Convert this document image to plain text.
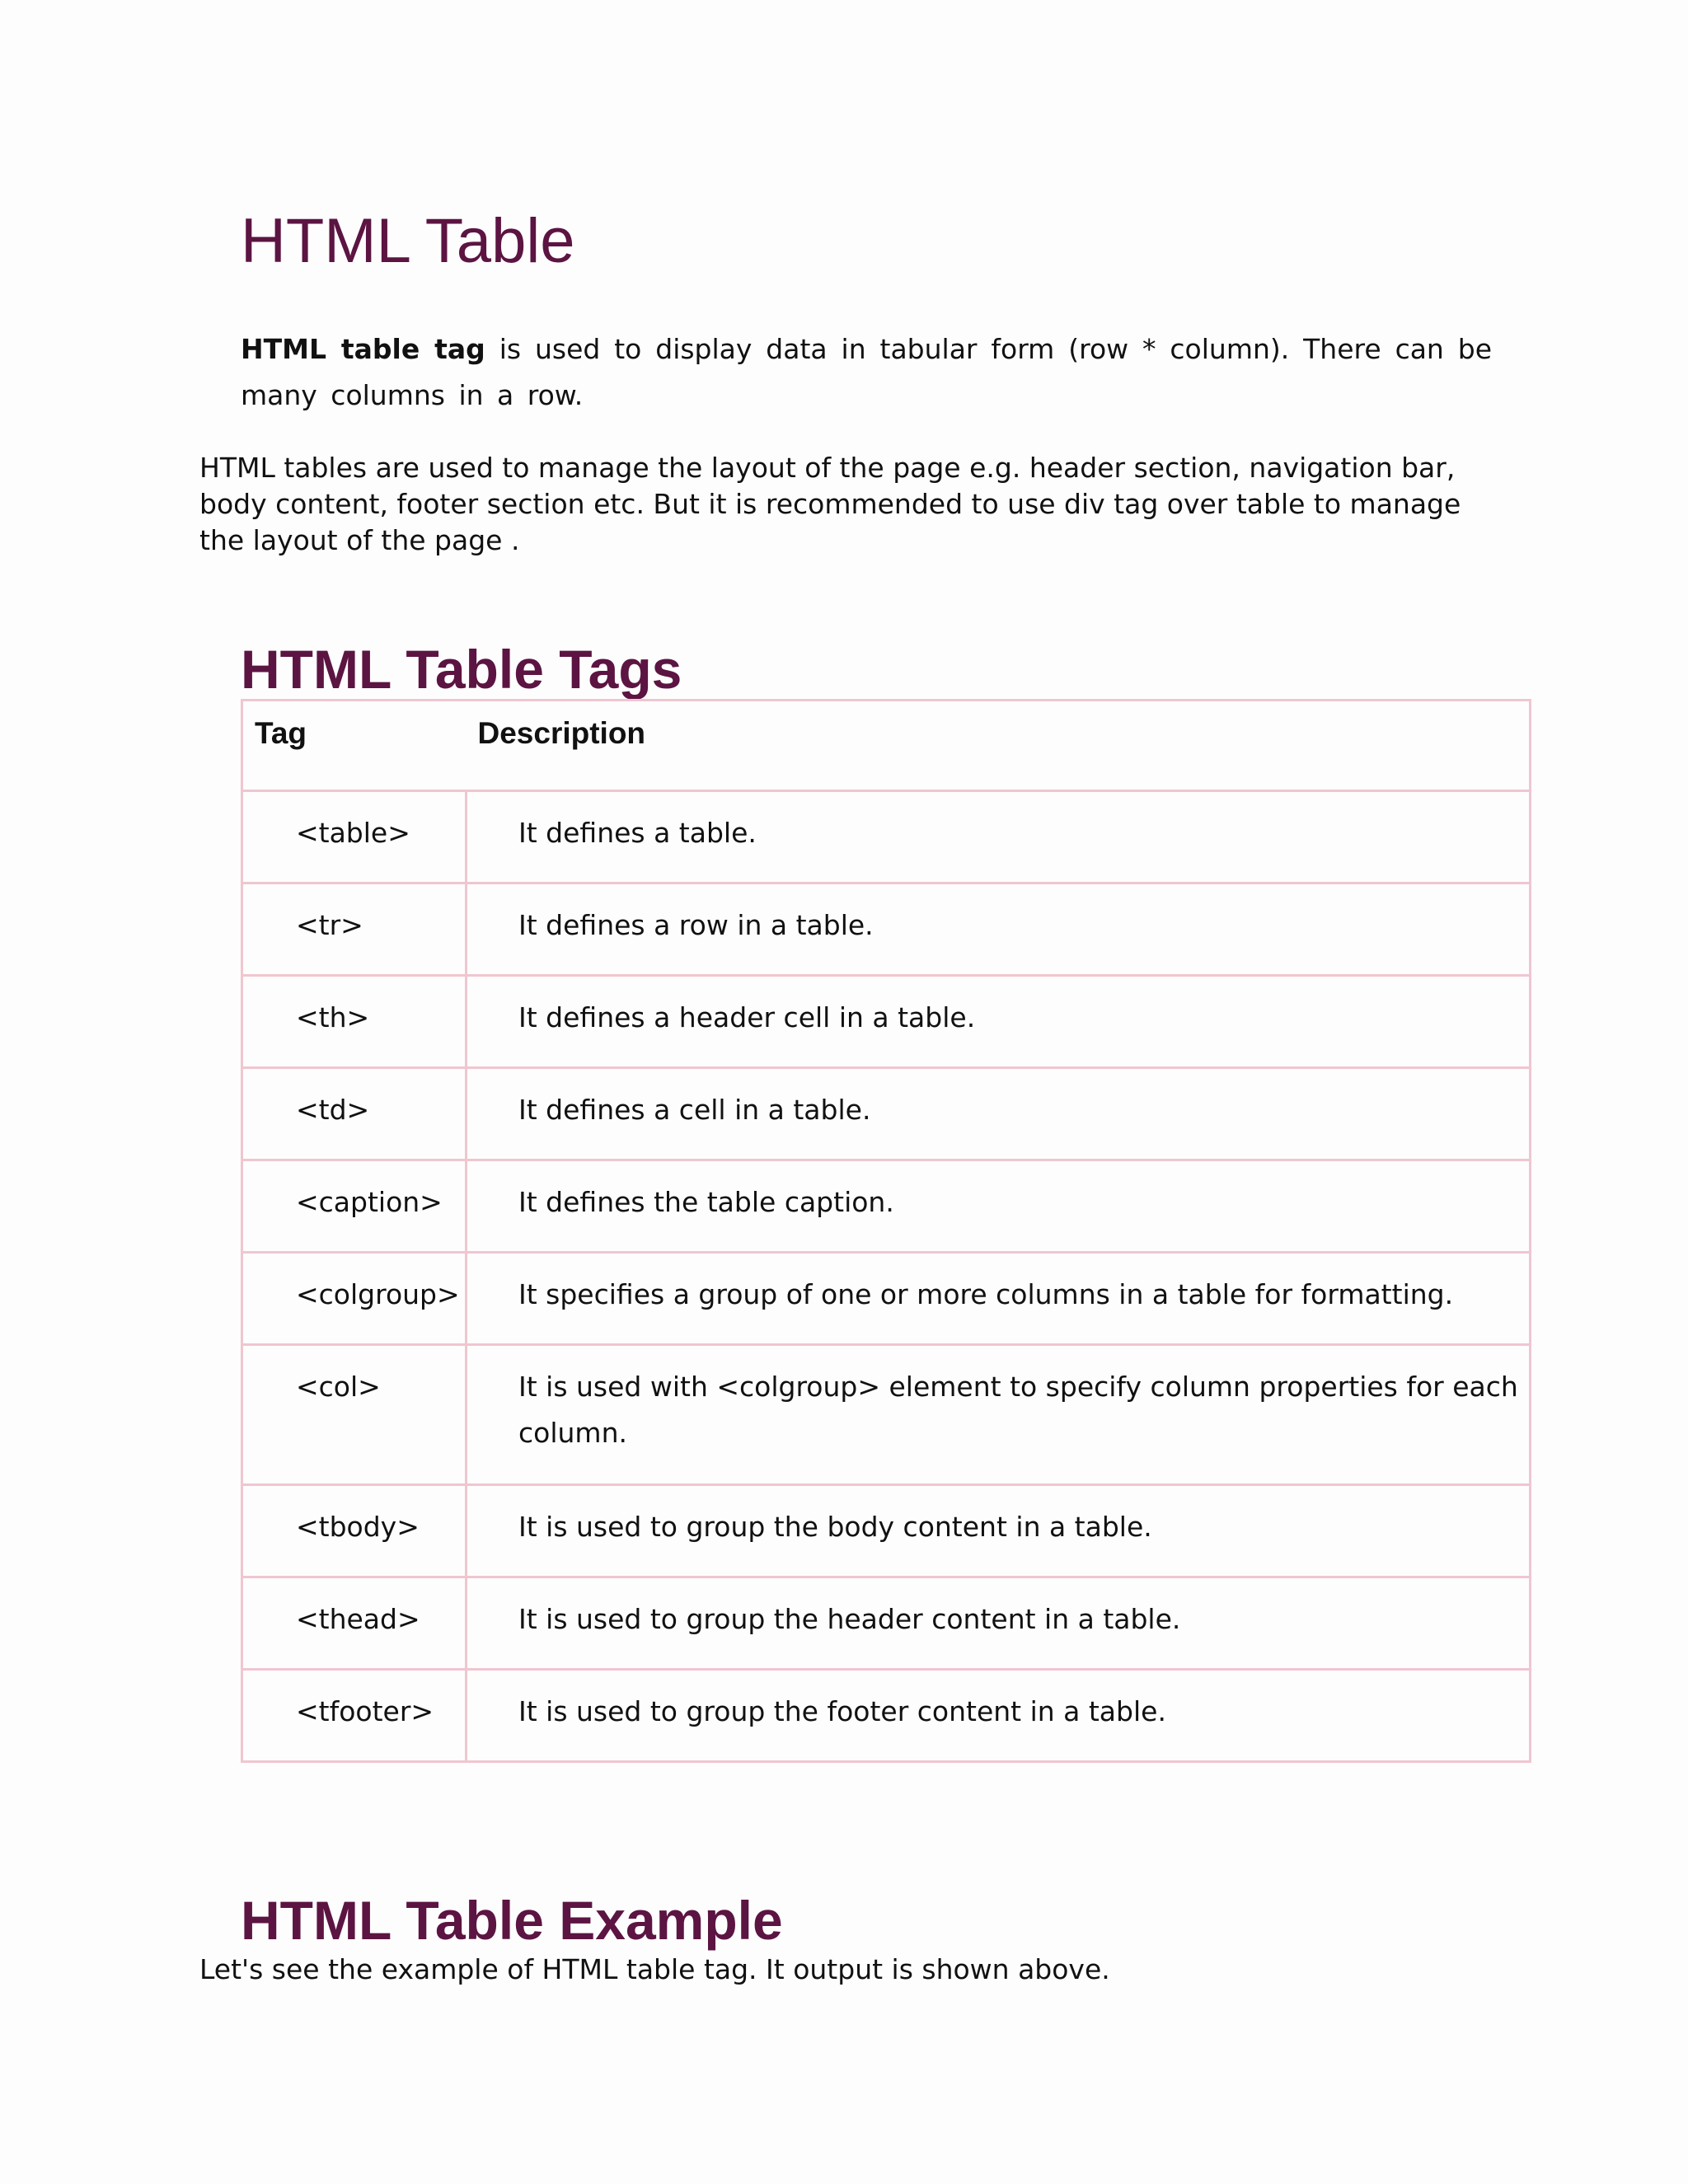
HTML Table

HTML table tag is used to display data in tabular form (row * column). There can be many columns in a row.

HTML tables are used to manage the layout of the page e.g. header section, navigation bar, body content, footer section etc. But it is recommended to use div tag over table to manage the layout of the page .

HTML Table Tags
Tag	Description
<table>	It defines a table.
<tr>	It defines a row in a table.
<th>	It defines a header cell in a table.
<td>	It defines a cell in a table.
<caption>	It defines the table caption.
<colgroup>	It specifies a group of one or more columns in a table for formatting.
<col>	It is used with <colgroup> element to specify column properties for each column.
<tbody>	It is used to group the body content in a table.
<thead>	It is used to group the header content in a table.
<tfooter>	It is used to group the footer content in a table.
HTML Table Example

Let's see the example of HTML table tag. It output is shown above.
